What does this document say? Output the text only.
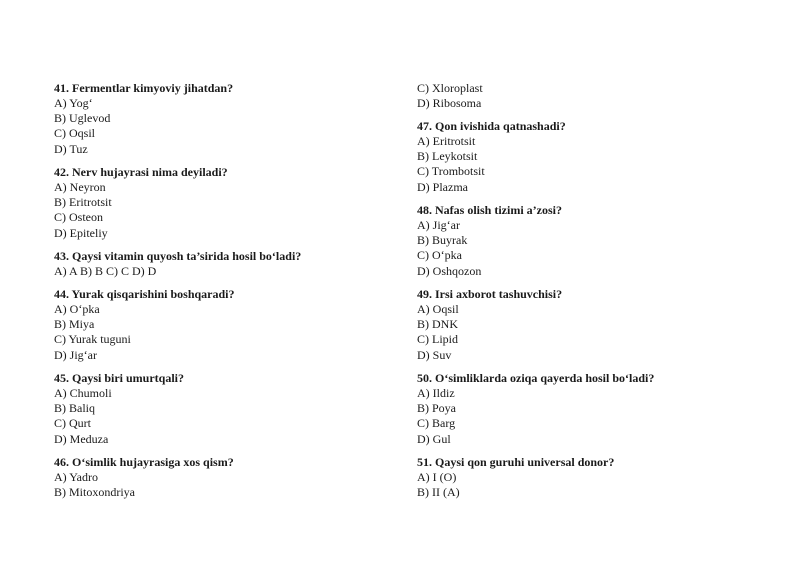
41. Fermentlar kimyoviy jihatdan?
A) Yog‘
B) Uglevod
C) Oqsil
D) Tuz
42. Nerv hujayrasi nima deyiladi?
A) Neyron
B) Eritrotsit
C) Osteon
D) Epiteliy
43. Qaysi vitamin quyosh ta’sirida hosil bo‘ladi?
A) A B) B C) C D) D
44. Yurak qisqarishini boshqaradi?
A) O‘pka
B) Miya
C) Yurak tuguni
D) Jig‘ar
45. Qaysi biri umurtqali?
A) Chumoli
B) Baliq
C) Qurt
D) Meduza
46. O‘simlik hujayrasiga xos qism?
A) Yadro
B) Mitoxondriya
C) Xloroplast
D) Ribosoma
47. Qon ivishida qatnashadi?
A) Eritrotsit
B) Leykotsit
C) Trombotsit
D) Plazma
48. Nafas olish tizimi a’zosi?
A) Jig‘ar
B) Buyrak
C) O‘pka
D) Oshqozon
49. Irsi axborot tashuvchisi?
A) Oqsil
B) DNK
C) Lipid
D) Suv
50. O‘simliklarda oziqa qayerda hosil bo‘ladi?
A) Ildiz
B) Poya
C) Barg
D) Gul
51. Qaysi qon guruhi universal donor?
A) I (O)
B) II (A)
